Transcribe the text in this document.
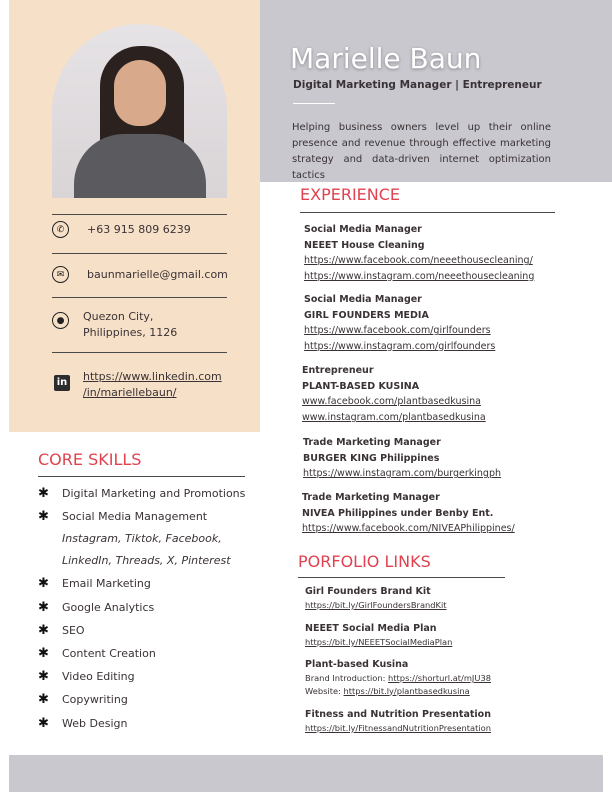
Marielle Baun
Digital Marketing Manager | Entrepreneur
Helping business owners level up their online presence and revenue through effective marketing strategy and data-driven internet optimization tactics
✆	+63 915 809 6239
✉	baunmarielle@gmail.com
●	Quezon City,
Philippines, 1126
in https://www.linkedin.com
/in/mariellebaun/
CORE SKILLS
✱	Digital Marketing and Promotions
✱	Social Media Management
Instagram, Tiktok, Facebook,
LinkedIn, Threads, X, Pinterest
✱	Email Marketing
✱	Google Analytics
✱	SEO
✱	Content Creation
✱	Video Editing
✱	Copywriting
✱	Web Design
EXPERIENCE
Social Media Manager
NEEET House Cleaning
https://www.facebook.com/neeethousecleaning/
https://www.instagram.com/neeethousecleaning
Social Media Manager
GIRL FOUNDERS MEDIA
https://www.facebook.com/girlfounders
https://www.instagram.com/girlfounders
Entrepreneur
PLANT-BASED KUSINA
www.facebook.com/plantbasedkusina
www.instagram.com/plantbasedkusina
Trade Marketing Manager
BURGER KING Philippines
https://www.instagram.com/burgerkingph
Trade Marketing Manager
NIVEA Philippines under Benby Ent.
https://www.facebook.com/NIVEAPhilippines/
PORFOLIO LINKS
Girl Founders Brand Kit
https://bit.ly/GirlFoundersBrandKit
NEEET Social Media Plan
https://bit.ly/NEEETSocialMediaPlan
Plant-based Kusina
Brand Introduction: https://shorturl.at/mJU38
Website: https://bit.ly/plantbasedkusina
Fitness and Nutrition Presentation
https://bit.ly/FitnessandNutritionPresentation
